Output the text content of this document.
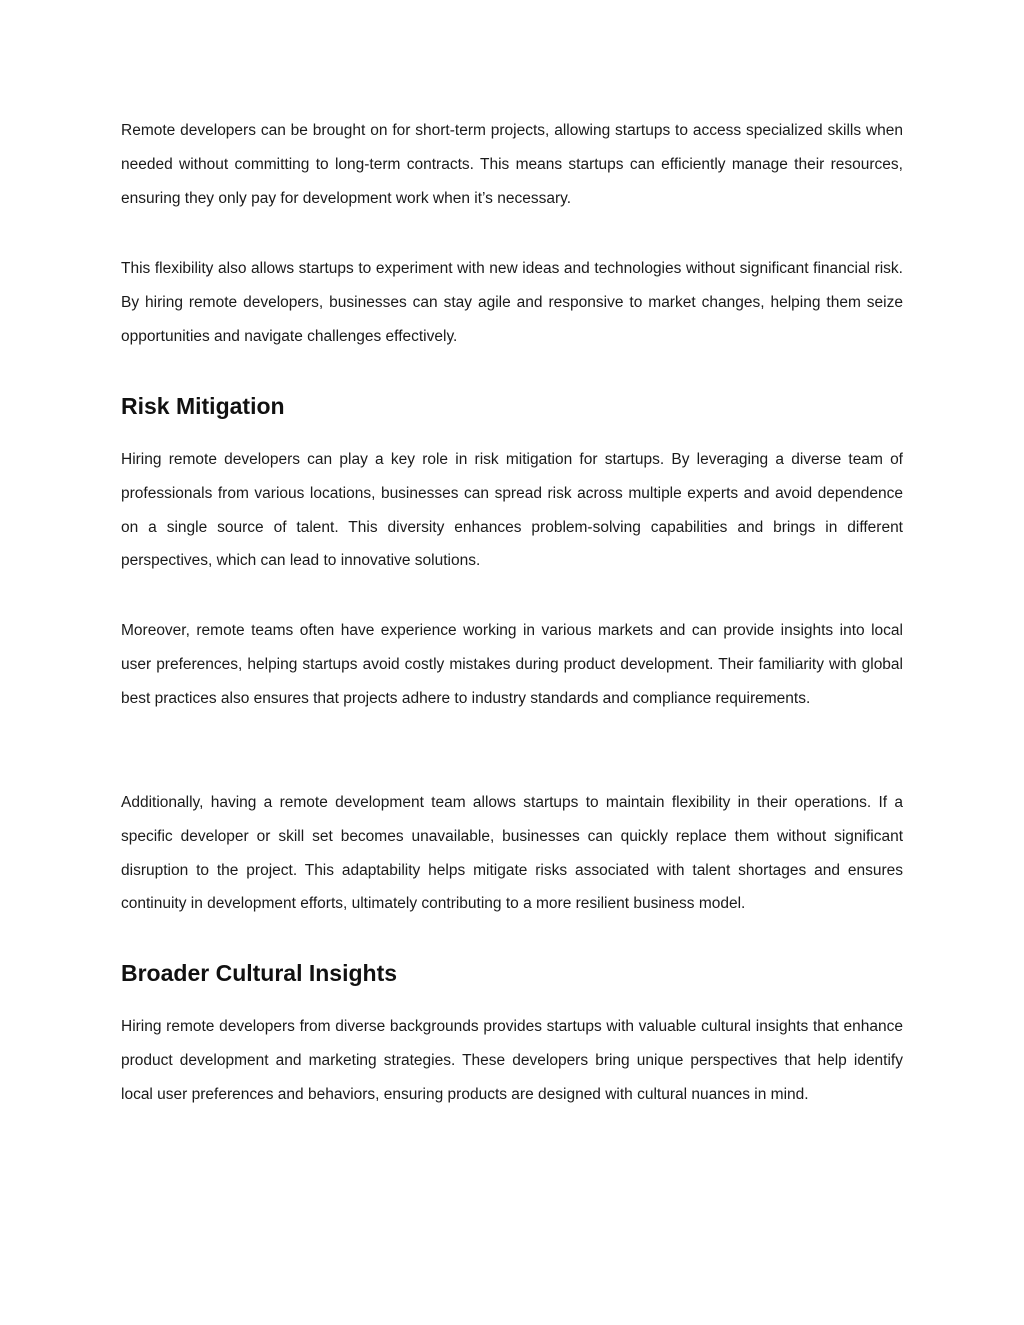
Remote developers can be brought on for short-term projects, allowing startups to access specialized skills when needed without committing to long-term contracts. This means startups can efficiently manage their resources, ensuring they only pay for development work when it’s necessary.

This flexibility also allows startups to experiment with new ideas and technologies without significant financial risk. By hiring remote developers, businesses can stay agile and responsive to market changes, helping them seize opportunities and navigate challenges effectively.

Risk Mitigation

Hiring remote developers can play a key role in risk mitigation for startups. By leveraging a diverse team of professionals from various locations, businesses can spread risk across multiple experts and avoid dependence on a single source of talent. This diversity enhances problem-solving capabilities and brings in different perspectives, which can lead to innovative solutions.

Moreover, remote teams often have experience working in various markets and can provide insights into local user preferences, helping startups avoid costly mistakes during product development. Their familiarity with global best practices also ensures that projects adhere to industry standards and compliance requirements.

Additionally, having a remote development team allows startups to maintain flexibility in their operations. If a specific developer or skill set becomes unavailable, businesses can quickly replace them without significant disruption to the project. This adaptability helps mitigate risks associated with talent shortages and ensures continuity in development efforts, ultimately contributing to a more resilient business model.

Broader Cultural Insights

Hiring remote developers from diverse backgrounds provides startups with valuable cultural insights that enhance product development and marketing strategies. These developers bring unique perspectives that help identify local user preferences and behaviors, ensuring products are designed with cultural nuances in mind.
